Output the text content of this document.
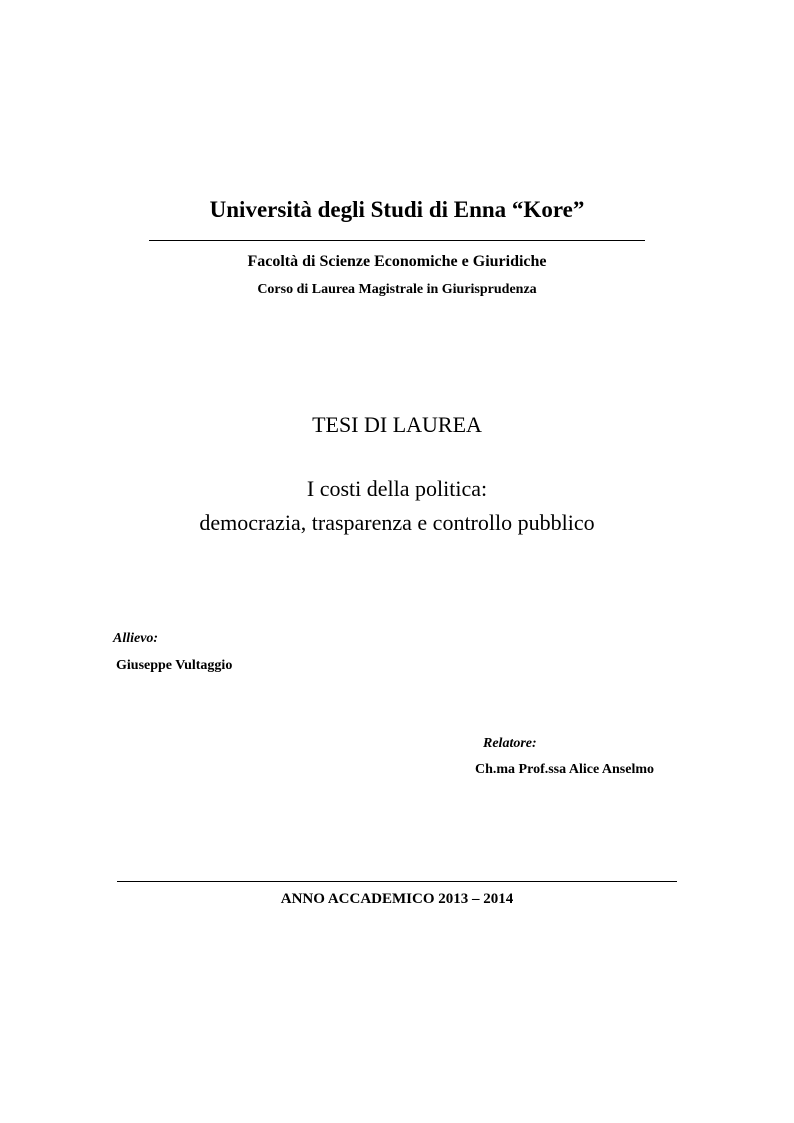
Università degli Studi di Enna “Kore”
Facoltà di Scienze Economiche e Giuridiche
Corso di Laurea Magistrale in Giurisprudenza
TESI DI LAUREA
I costi della politica:
democrazia, trasparenza e controllo pubblico
Allievo:
Giuseppe Vultaggio
Relatore:
Ch.ma Prof.ssa Alice Anselmo
ANNO ACCADEMICO 2013 – 2014
